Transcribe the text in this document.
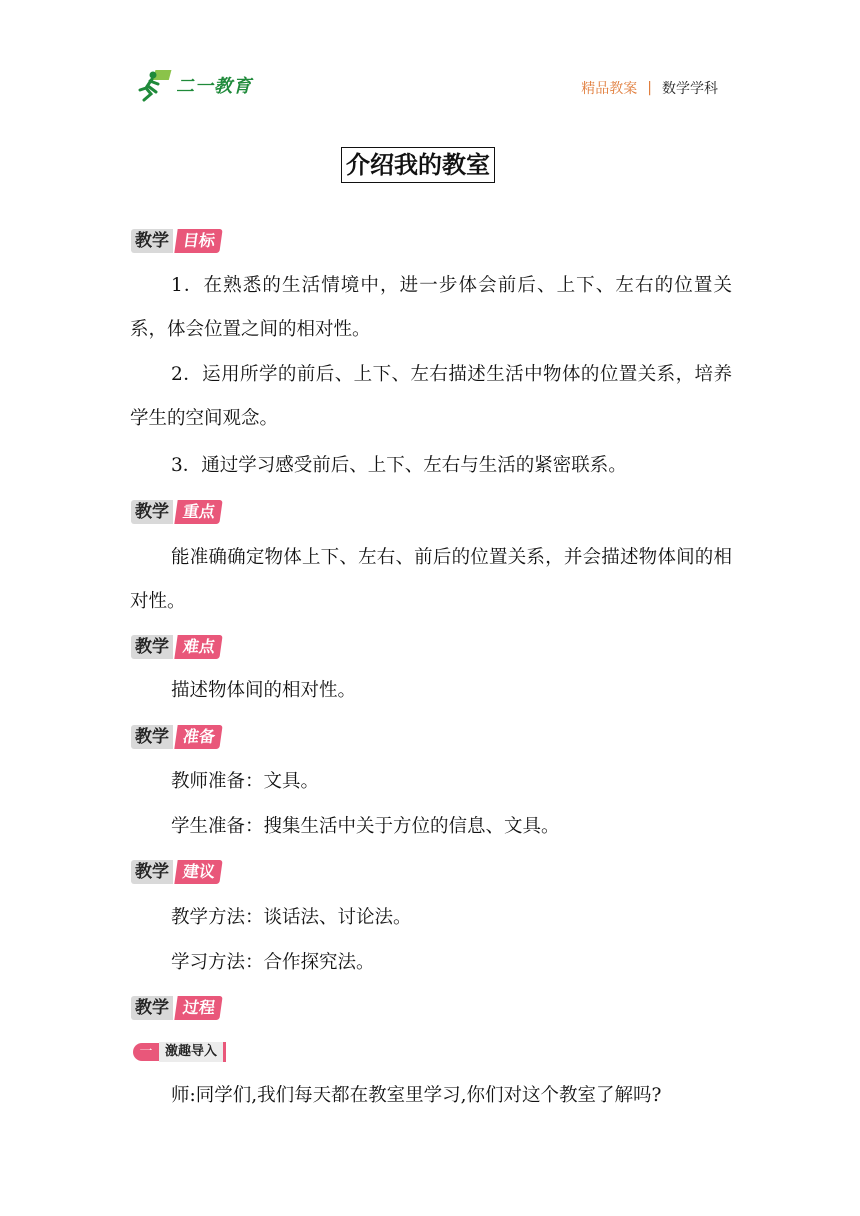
二一教育	精品教案 | 数学学科
介绍我的教室
教学 目标
1．在熟悉的生活情境中，进一步体会前后、上下、左右的位置关系，体会位置之间的相对性。
2．运用所学的前后、上下、左右描述生活中物体的位置关系，培养学生的空间观念。
3．通过学习感受前后、上下、左右与生活的紧密联系。
教学 重点
能准确确定物体上下、左右、前后的位置关系，并会描述物体间的相对性。
教学 难点
描述物体间的相对性。
教学 准备
教师准备：文具。
学生准备：搜集生活中关于方位的信息、文具。
教学 建议
教学方法：谈话法、讨论法。
学习方法：合作探究法。
教学 过程
一 激趣导入
师:同学们,我们每天都在教室里学习,你们对这个教室了解吗?
